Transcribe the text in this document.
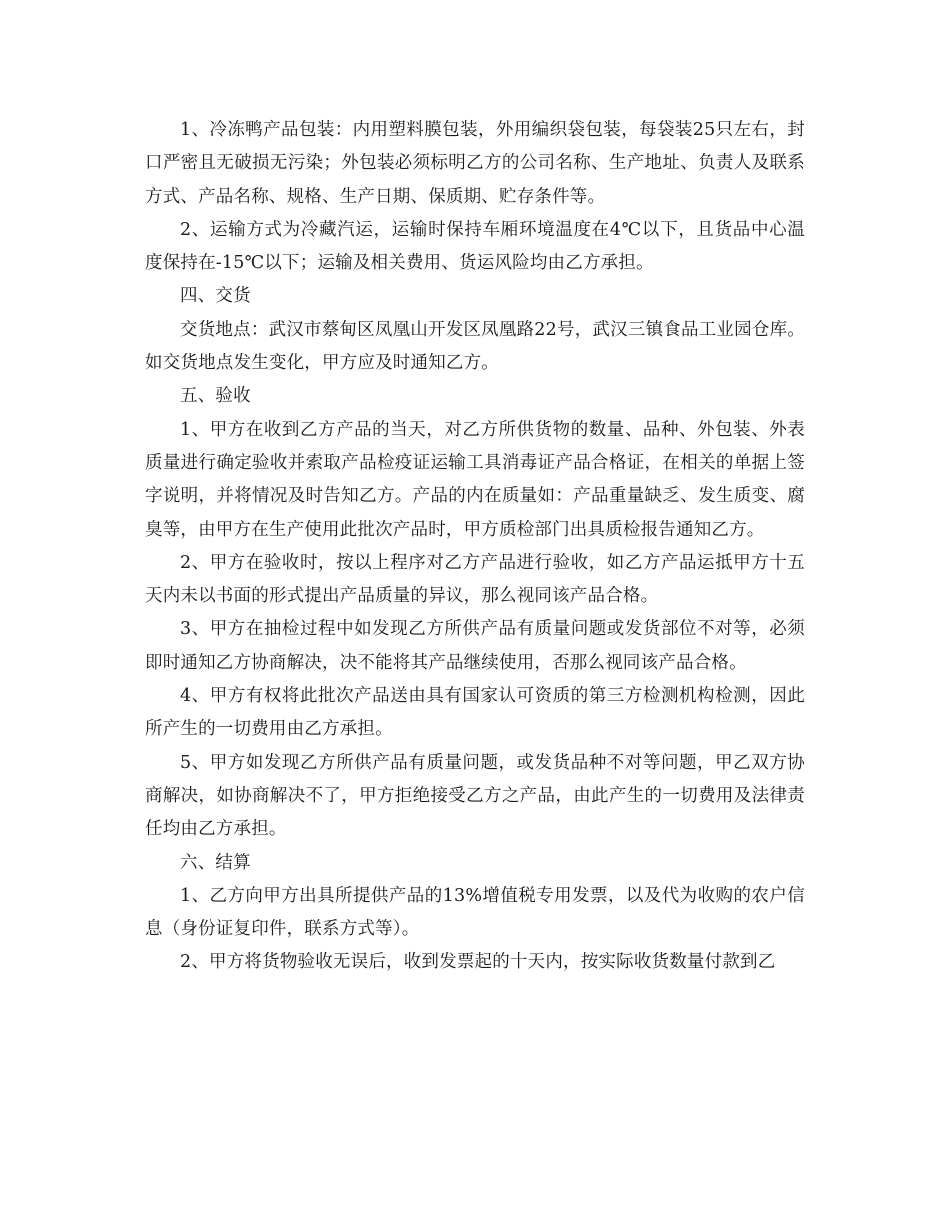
1、冷冻鸭产品包装：内用塑料膜包装，外用编织袋包装，每袋装25只左右，封口严密且无破损无污染；外包装必须标明乙方的公司名称、生产地址、负责人及联系方式、产品名称、规格、生产日期、保质期、贮存条件等。

2、运输方式为冷藏汽运，运输时保持车厢环境温度在4℃以下，且货品中心温度保持在-15℃以下；运输及相关费用、货运风险均由乙方承担。

四、交货

交货地点：武汉市蔡甸区凤凰山开发区凤凰路22号，武汉三镇食品工业园仓库。如交货地点发生变化，甲方应及时通知乙方。

五、验收

1、甲方在收到乙方产品的当天，对乙方所供货物的数量、品种、外包装、外表质量进行确定验收并索取产品检疫证运输工具消毒证产品合格证，在相关的单据上签字说明，并将情况及时告知乙方。产品的内在质量如：产品重量缺乏、发生质变、腐臭等，由甲方在生产使用此批次产品时，甲方质检部门出具质检报告通知乙方。

2、甲方在验收时，按以上程序对乙方产品进行验收，如乙方产品运抵甲方十五天内未以书面的形式提出产品质量的异议，那么视同该产品合格。

3、甲方在抽检过程中如发现乙方所供产品有质量问题或发货部位不对等，必须即时通知乙方协商解决，决不能将其产品继续使用，否那么视同该产品合格。

4、甲方有权将此批次产品送由具有国家认可资质的第三方检测机构检测，因此所产生的一切费用由乙方承担。

5、甲方如发现乙方所供产品有质量问题，或发货品种不对等问题，甲乙双方协商解决，如协商解决不了，甲方拒绝接受乙方之产品，由此产生的一切费用及法律责任均由乙方承担。

六、结算

1、乙方向甲方出具所提供产品的13%增值税专用发票，以及代为收购的农户信息（身份证复印件，联系方式等）。

2、甲方将货物验收无误后，收到发票起的十天内，按实际收货数量付款到乙
